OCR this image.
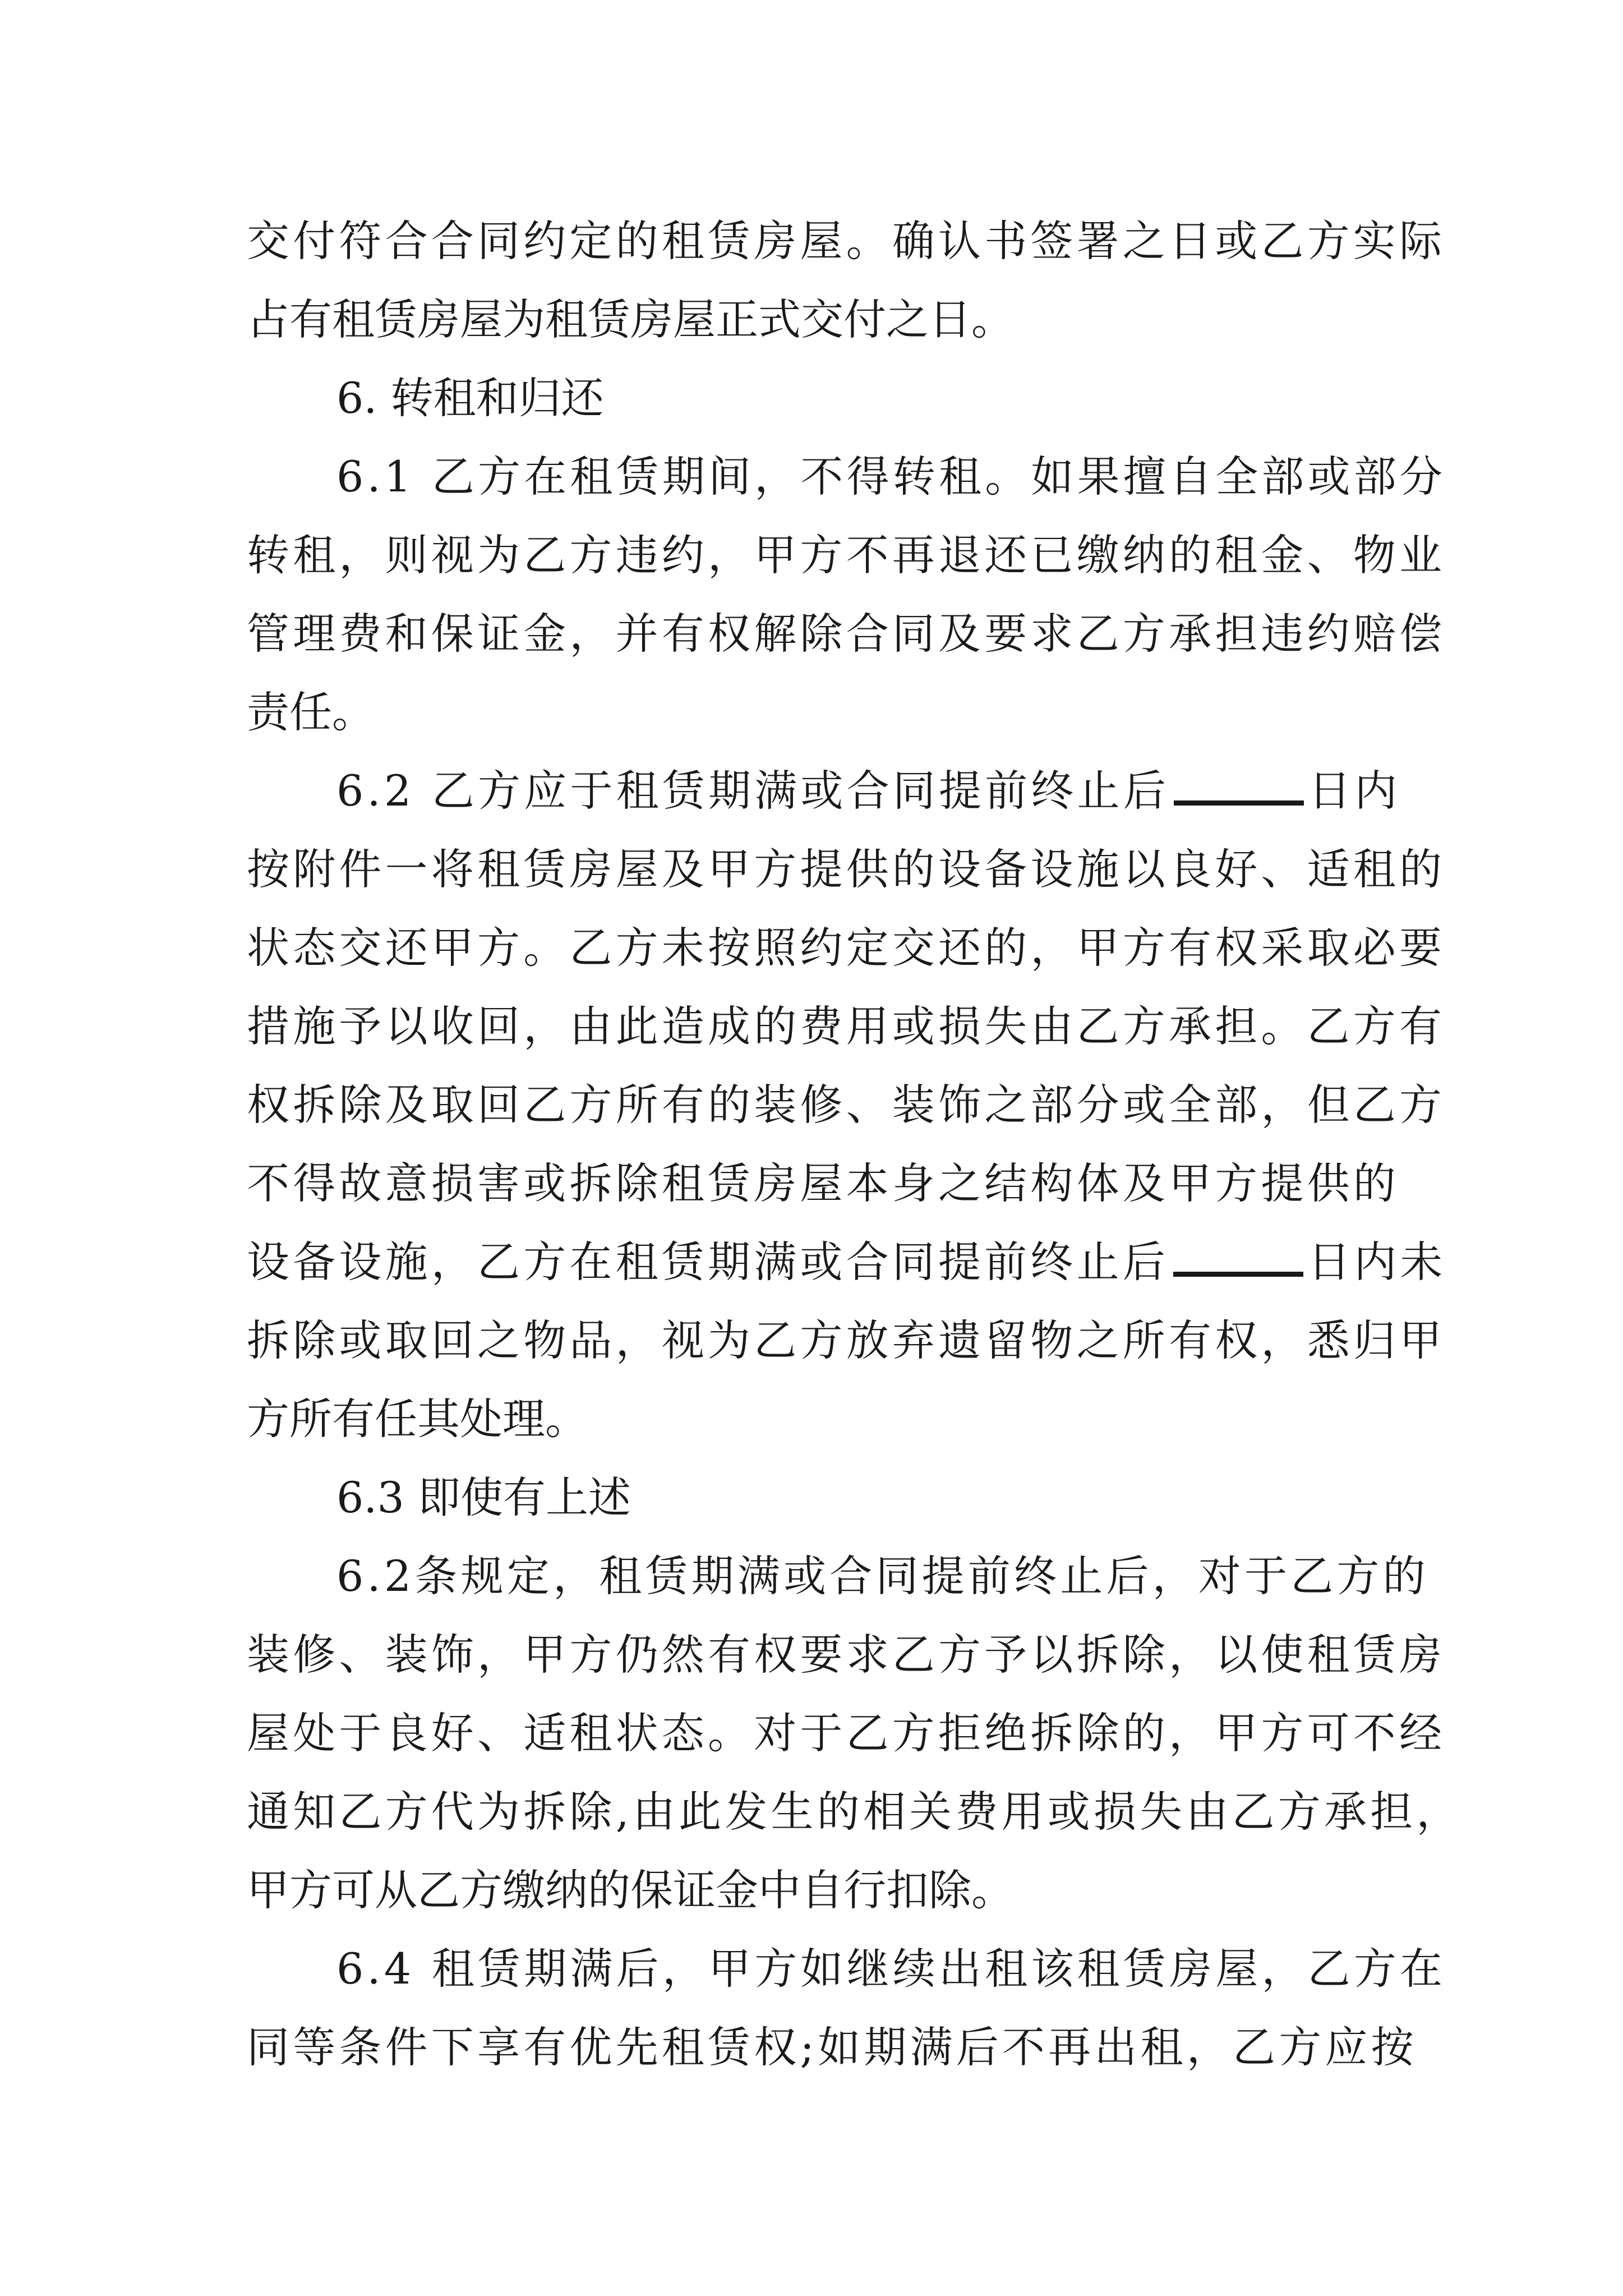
交付符合合同约定的租赁房屋。确认书签署之日或乙方实际
占有租赁房屋为租赁房屋正式交付之日。
6. 转租和归还
6.1 乙方在租赁期间，不得转租。如果擅自全部或部分
转租，则视为乙方违约，甲方不再退还已缴纳的租金、物业
管理费和保证金，并有权解除合同及要求乙方承担违约赔偿
责任。
6.2 乙方应于租赁期满或合同提前终止后	日内
按附件一将租赁房屋及甲方提供的设备设施以良好、适租的
状态交还甲方。乙方未按照约定交还的，甲方有权采取必要
措施予以收回，由此造成的费用或损失由乙方承担。乙方有
权拆除及取回乙方所有的装修、装饰之部分或全部，但乙方
不得故意损害或拆除租赁房屋本身之结构体及甲方提供的
设备设施，乙方在租赁期满或合同提前终止后	日内未
拆除或取回之物品，视为乙方放弃遗留物之所有权，悉归甲
方所有任其处理。
6.3 即使有上述
6.2条规定，租赁期满或合同提前终止后，对于乙方的
装修、装饰，甲方仍然有权要求乙方予以拆除，以使租赁房
屋处于良好、适租状态。对于乙方拒绝拆除的，甲方可不经
通知乙方代为拆除,由此发生的相关费用或损失由乙方承担，
甲方可从乙方缴纳的保证金中自行扣除。
6.4 租赁期满后，甲方如继续出租该租赁房屋，乙方在
同等条件下享有优先租赁权;如期满后不再出租，乙方应按
